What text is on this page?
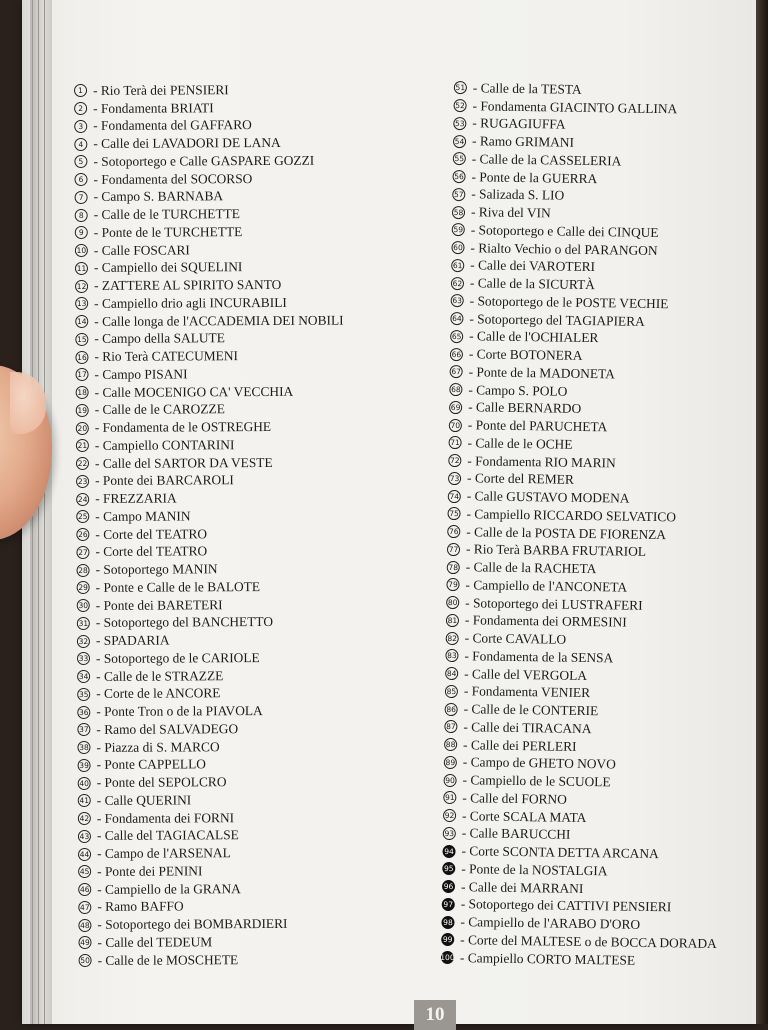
1 - Rio Terà dei PENSIERI
2 - Fondamenta BRIATI
3 - Fondamenta del GAFFARO
4 - Calle dei LAVADORI DE LANA
5 - Sotoportego e Calle GASPARE GOZZI
6 - Fondamenta del SOCORSO
7 - Campo S. BARNABA
8 - Calle de le TURCHETTE
9 - Ponte de le TURCHETTE
10 - Calle FOSCARI
11 - Campiello dei SQUELINI
12 - ZATTERE AL SPIRITO SANTO
13 - Campiello drio agli INCURABILI
14 - Calle longa de l'ACCADEMIA DEI NOBILI
15 - Campo della SALUTE
16 - Rio Terà CATECUMENI
17 - Campo PISANI
18 - Calle MOCENIGO CA' VECCHIA
19 - Calle de le CAROZZE
20 - Fondamenta de le OSTREGHE
21 - Campiello CONTARINI
22 - Calle del SARTOR DA VESTE
23 - Ponte dei BARCAROLI
24 - FREZZARIA
25 - Campo MANIN
26 - Corte del TEATRO
27 - Corte del TEATRO
28 - Sotoportego MANIN
29 - Ponte e Calle de le BALOTE
30 - Ponte dei BARETERI
31 - Sotoportego del BANCHETTO
32 - SPADARIA
33 - Sotoportego de le CARIOLE
34 - Calle de le STRAZZE
35 - Corte de le ANCORE
36 - Ponte Tron o de la PIAVOLA
37 - Ramo del SALVADEGO
38 - Piazza di S. MARCO
39 - Ponte CAPPELLO
40 - Ponte del SEPOLCRO
41 - Calle QUERINI
42 - Fondamenta dei FORNI
43 - Calle del TAGIACALSE
44 - Campo de l'ARSENAL
45 - Ponte dei PENINI
46 - Campiello de la GRANA
47 - Ramo BAFFO
48 - Sotoportego dei BOMBARDIERI
49 - Calle del TEDEUM
50 - Calle de le MOSCHETE
51 - Calle de la TESTA
52 - Fondamenta GIACINTO GALLINA
53 - RUGAGIUFFA
54 - Ramo GRIMANI
55 - Calle de la CASSELERIA
56 - Ponte de la GUERRA
57 - Salizada S. LIO
58 - Riva del VIN
59 - Sotoportego e Calle dei CINQUE
60 - Rialto Vechio o del PARANGON
61 - Calle dei VAROTERI
62 - Calle de la SICURTÀ
63 - Sotoportego de le POSTE VECHIE
64 - Sotoportego del TAGIAPIERA
65 - Calle de l'OCHIALER
66 - Corte BOTONERA
67 - Ponte de la MADONETA
68 - Campo S. POLO
69 - Calle BERNARDO
70 - Ponte del PARUCHETA
71 - Calle de le OCHE
72 - Fondamenta RIO MARIN
73 - Corte del REMER
74 - Calle GUSTAVO MODENA
75 - Campiello RICCARDO SELVATICO
76 - Calle de la POSTA DE FIORENZA
77 - Rio Terà BARBA FRUTARIOL
78 - Calle de la RACHETA
79 - Campiello de l'ANCONETA
80 - Sotoportego dei LUSTRAFERI
81 - Fondamenta dei ORMESINI
82 - Corte CAVALLO
83 - Fondamenta de la SENSA
84 - Calle del VERGOLA
85 - Fondamenta VENIER
86 - Calle de le CONTERIE
87 - Calle dei TIRACANA
88 - Calle dei PERLERI
89 - Campo de GHETO NOVO
90 - Campiello de le SCUOLE
91 - Calle del FORNO
92 - Corte SCALA MATA
93 - Calle BARUCCHI
94 - Corte SCONTA DETTA ARCANA
95 - Ponte de la NOSTALGIA
96 - Calle dei MARRANI
97 - Sotoportego dei CATTIVI PENSIERI
98 - Campiello de l'ARABO D'ORO
99 - Corte del MALTESE o de BOCCA DORADA
100 - Campiello CORTO MALTESE
10
